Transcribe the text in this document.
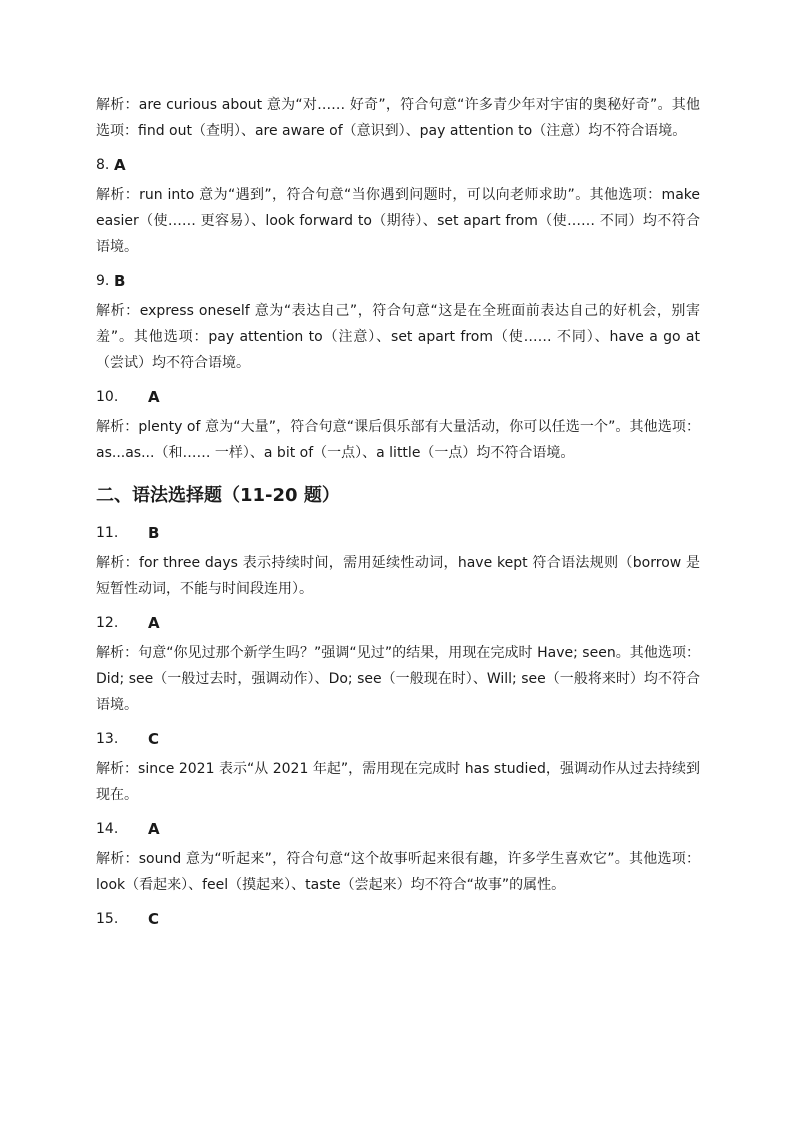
解析：are curious about 意为“对…… 好奇”，符合句意“许多青少年对宇宙的奥秘好奇”。其他选项：find out（查明）、are aware of（意识到）、pay attention to（注意）均不符合语境。

8. A

解析：run into 意为“遇到”，符合句意“当你遇到问题时，可以向老师求助”。其他选项：make easier（使…… 更容易）、look forward to（期待）、set apart from（使…… 不同）均不符合语境。

9. B

解析：express oneself 意为“表达自己”，符合句意“这是在全班面前表达自己的好机会，别害羞”。其他选项：pay attention to（注意）、set apart from（使…… 不同）、have a go at（尝试）均不符合语境。

10.	A

解析：plenty of 意为“大量”，符合句意“课后俱乐部有大量活动，你可以任选一个”。其他选项：as...as...（和…… 一样）、a bit of（一点）、a little（一点）均不符合语境。

二、语法选择题（11-20 题）
11.	B

解析：for three days 表示持续时间，需用延续性动词，have kept 符合语法规则（borrow 是短暂性动词，不能与时间段连用）。

12.	A

解析：句意“你见过那个新学生吗？”强调“见过”的结果，用现在完成时 Have; seen。其他选项：Did; see（一般过去时，强调动作）、Do; see（一般现在时）、Will; see（一般将来时）均不符合语境。

13.	C

解析：since 2021 表示“从 2021 年起”，需用现在完成时 has studied，强调动作从过去持续到现在。

14.	A

解析：sound 意为“听起来”，符合句意“这个故事听起来很有趣，许多学生喜欢它”。其他选项：look（看起来）、feel（摸起来）、taste（尝起来）均不符合“故事”的属性。

15.	C
